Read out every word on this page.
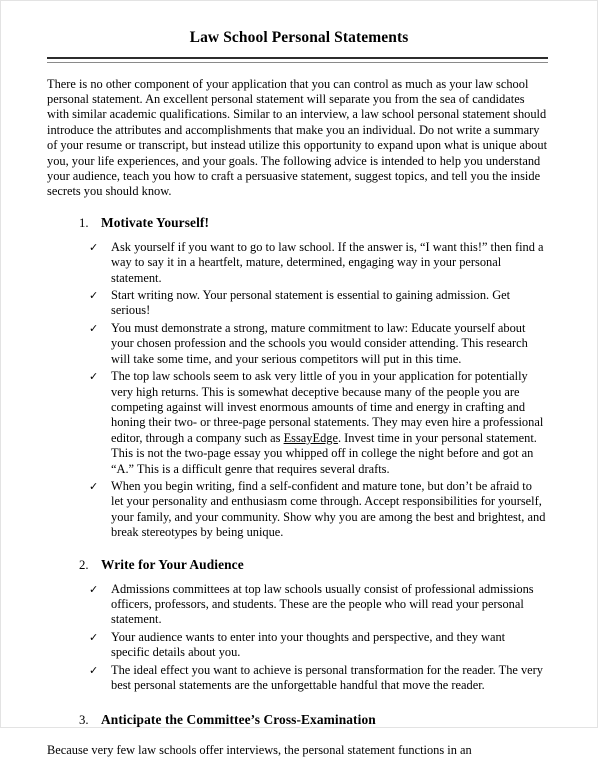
Law School Personal Statements

There is no other component of your application that you can control as much as your law school personal statement. An excellent personal statement will separate you from the sea of candidates with similar academic qualifications. Similar to an interview, a law school personal statement should introduce the attributes and accomplishments that make you an individual. Do not write a summary of your resume or transcript, but instead utilize this opportunity to expand upon what is unique about you, your life experiences, and your goals. The following advice is intended to help you understand your audience, teach you how to craft a persuasive statement, suggest topics, and tell you the inside secrets you should know.

1. Motivate Yourself!
✓	Ask yourself if you want to go to law school. If the answer is, “I want this!” then find a way to say it in a heartfelt, mature, determined, engaging way in your personal statement.
✓	Start writing now. Your personal statement is essential to gaining admission. Get serious!
✓	You must demonstrate a strong, mature commitment to law: Educate yourself about your chosen profession and the schools you would consider attending. This research will take some time, and your serious competitors will put in this time.
✓	The top law schools seem to ask very little of you in your application for potentially very high returns. This is somewhat deceptive because many of the people you are competing against will invest enormous amounts of time and energy in crafting and honing their two- or three-page personal statements. They may even hire a professional editor, through a company such as EssayEdge. Invest time in your personal statement. This is not the two-page essay you whipped off in college the night before and got an “A.” This is a difficult genre that requires several drafts.
✓	When you begin writing, find a self-confident and mature tone, but don’t be afraid to let your personality and enthusiasm come through. Accept responsibilities for yourself, your family, and your community. Show why you are among the best and brightest, and break stereotypes by being unique.
2. Write for Your Audience
✓	Admissions committees at top law schools usually consist of professional admissions officers, professors, and students. These are the people who will read your personal statement.
✓	Your audience wants to enter into your thoughts and perspective, and they want specific details about you.
✓	The ideal effect you want to achieve is personal transformation for the reader. The very best personal statements are the unforgettable handful that move the reader.
3. Anticipate the Committee’s Cross-Examination

Because very few law schools offer interviews, the personal statement functions in an
